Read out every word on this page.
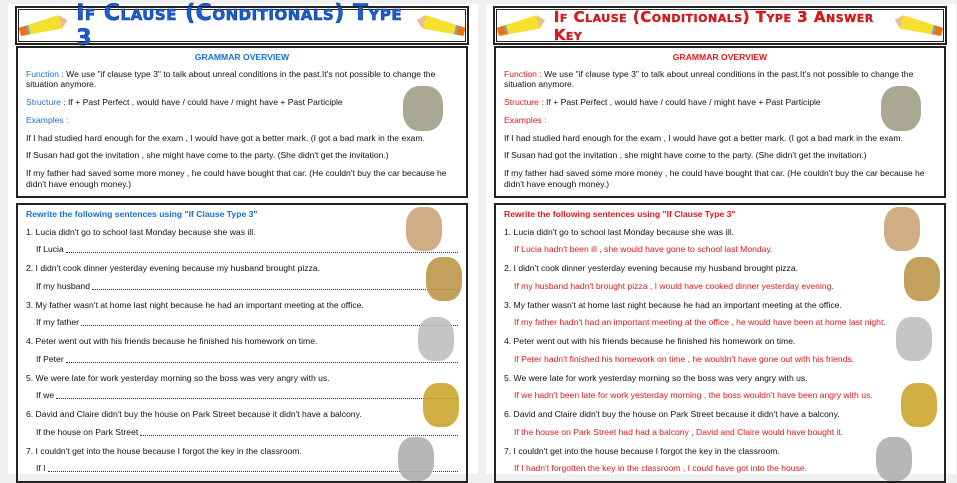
If Clause (Conditionals) Type 3
GRAMMAR OVERVIEW

Function : We use "if clause type 3" to talk about unreal conditions in the past.It's not possible to change the situation anymore.

Structure : If + Past Perfect , would have / could have / might have + Past Participle

Examples :

If I had studied hard enough for the exam , I would have got a better mark. (I got a bad mark in the exam.

If Susan had got the invitation , she might have come to the party. (She didn't get the invitation.)

If my father had saved some more money , he could have bought that car. (He couldn't buy the car because he didn't have enough money.)

Rewrite the following sentences using "If Clause Type 3"
1. Lucia didn't go to school last Monday because she was ill.
If Lucia
2. I didn't cook dinner yesterday evening because my husband brought pizza.
If my husband
3. My father wasn't at home last night because he had an important meeting at the office.
If my father
4. Peter went out with his friends because he finished his homework on time.
If Peter
5. We were late for work yesterday morning so the boss was very angry with us.
If we
6. David and Claire didn't buy the house on Park Street because it didn't have a balcony.
If the house on Park Street
7. I couldn't get into the house because I forgot the key in the classroom.
If I
If Clause (Conditionals) Type 3 Answer Key
GRAMMAR OVERVIEW

Function : We use "if clause type 3" to talk about unreal conditions in the past.It's not possible to change the situation anymore.

Structure : If + Past Perfect , would have / could have / might have + Past Participle

Examples :

If I had studied hard enough for the exam , I would have got a better mark. (I got a bad mark in the exam.

If Susan had got the invitation , she might have come to the party. (She didn't get the invitation.)

If my father had saved some more money , he could have bought that car. (He couldn't buy the car because he didn't have enough money.)

Rewrite the following sentences using "If Clause Type 3"
1. Lucia didn't go to school last Monday because she was ill.
If Lucia hadn't been ill , she would have gone to school last Monday.
2. I didn't cook dinner yesterday evening because my husband brought pizza.
If my husband hadn't brought pizza , I would have cooked dinner yesterday evening.
3. My father wasn't at home last night because he had an important meeting at the office.
If my father hadn't had an important meeting at the office , he would have been at home last night.
4. Peter went out with his friends because he finished his homework on time.
If Peter hadn't finished his homework on time , he wouldn't have gone out with his friends.
5. We were late for work yesterday morning so the boss was very angry with us.
If we hadn't been late for work yesterday morning , the boss wouldn't have been angry with us.
6. David and Claire didn't buy the house on Park Street because it didn't have a balcony.
If the house on Park Street had had a balcony , David and Claire would have bought it.
7. I couldn't get into the house because I forgot the key in the classroom.
If I hadn't forgotten the key in the classroom , I could have got into the house.
